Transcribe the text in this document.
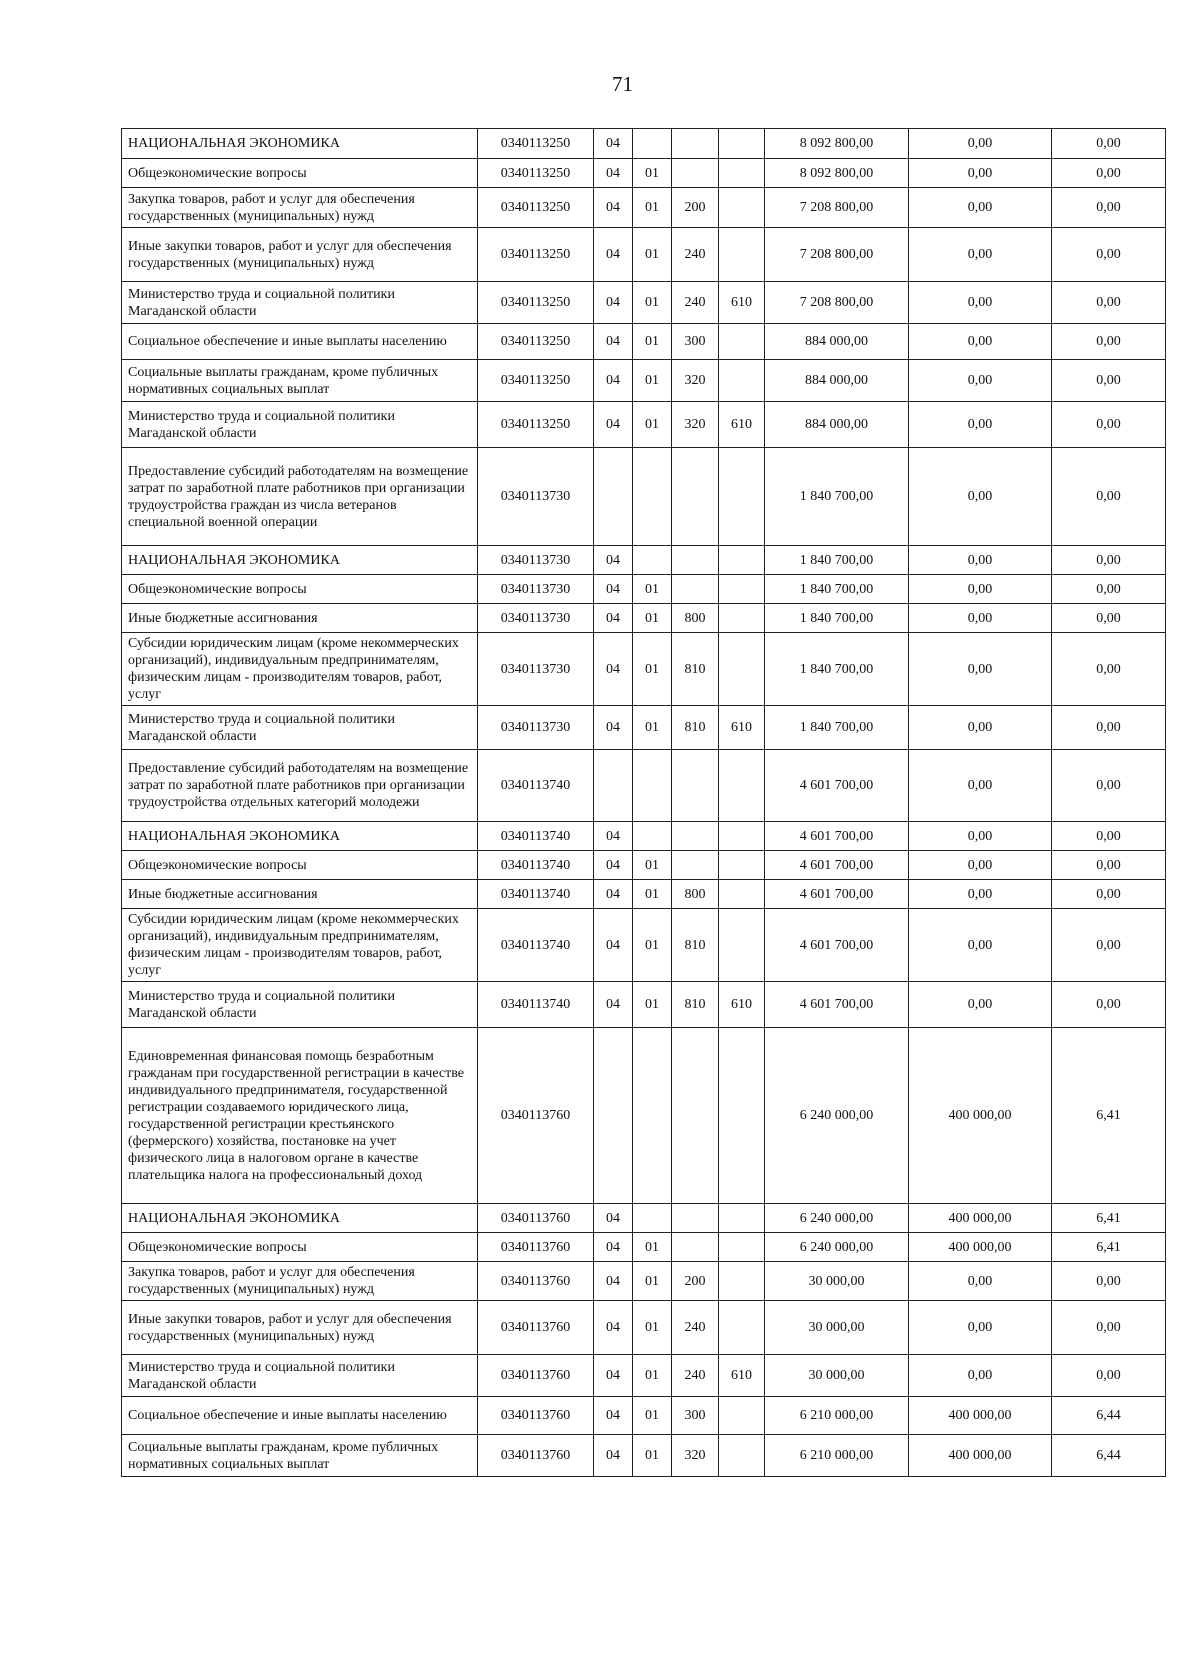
71
НАЦИОНАЛЬНАЯ ЭКОНОМИКА	0340113250	04				8 092 800,00	0,00	0,00
Общеэкономические вопросы	0340113250	04	01			8 092 800,00	0,00	0,00
Закупка товаров, работ и услуг для обеспечения государственных (муниципальных) нужд	0340113250	04	01	200		7 208 800,00	0,00	0,00
Иные закупки товаров, работ и услуг для обеспечения государственных (муниципальных) нужд	0340113250	04	01	240		7 208 800,00	0,00	0,00
Министерство труда и социальной политики Магаданской области	0340113250	04	01	240	610	7 208 800,00	0,00	0,00
Социальное обеспечение и иные выплаты населению	0340113250	04	01	300		884 000,00	0,00	0,00
Социальные выплаты гражданам, кроме публичных нормативных социальных выплат	0340113250	04	01	320		884 000,00	0,00	0,00
Министерство труда и социальной политики Магаданской области	0340113250	04	01	320	610	884 000,00	0,00	0,00
Предоставление субсидий работодателям на возмещение затрат по заработной плате работников при организации трудоустройства граждан из числа ветеранов специальной военной операции	0340113730					1 840 700,00	0,00	0,00
НАЦИОНАЛЬНАЯ ЭКОНОМИКА	0340113730	04				1 840 700,00	0,00	0,00
Общеэкономические вопросы	0340113730	04	01			1 840 700,00	0,00	0,00
Иные бюджетные ассигнования	0340113730	04	01	800		1 840 700,00	0,00	0,00
Субсидии юридическим лицам (кроме некоммерческих организаций), индивидуальным предпринимателям, физическим лицам - производителям товаров, работ, услуг	0340113730	04	01	810		1 840 700,00	0,00	0,00
Министерство труда и социальной политики Магаданской области	0340113730	04	01	810	610	1 840 700,00	0,00	0,00
Предоставление субсидий работодателям на возмещение затрат по заработной плате работников при организации трудоустройства отдельных категорий молодежи	0340113740					4 601 700,00	0,00	0,00
НАЦИОНАЛЬНАЯ ЭКОНОМИКА	0340113740	04				4 601 700,00	0,00	0,00
Общеэкономические вопросы	0340113740	04	01			4 601 700,00	0,00	0,00
Иные бюджетные ассигнования	0340113740	04	01	800		4 601 700,00	0,00	0,00
Субсидии юридическим лицам (кроме некоммерческих организаций), индивидуальным предпринимателям, физическим лицам - производителям товаров, работ, услуг	0340113740	04	01	810		4 601 700,00	0,00	0,00
Министерство труда и социальной политики Магаданской области	0340113740	04	01	810	610	4 601 700,00	0,00	0,00
Единовременная финансовая помощь безработным гражданам при государственной регистрации в качестве индивидуального предпринимателя, государственной регистрации создаваемого юридического лица, государственной регистрации крестьянского (фермерского) хозяйства, постановке на учет физического лица в налоговом органе в качестве плательщика налога на профессиональный доход	0340113760					6 240 000,00	400 000,00	6,41
НАЦИОНАЛЬНАЯ ЭКОНОМИКА	0340113760	04				6 240 000,00	400 000,00	6,41
Общеэкономические вопросы	0340113760	04	01			6 240 000,00	400 000,00	6,41
Закупка товаров, работ и услуг для обеспечения государственных (муниципальных) нужд	0340113760	04	01	200		30 000,00	0,00	0,00
Иные закупки товаров, работ и услуг для обеспечения государственных (муниципальных) нужд	0340113760	04	01	240		30 000,00	0,00	0,00
Министерство труда и социальной политики Магаданской области	0340113760	04	01	240	610	30 000,00	0,00	0,00
Социальное обеспечение и иные выплаты населению	0340113760	04	01	300		6 210 000,00	400 000,00	6,44
Социальные выплаты гражданам, кроме публичных нормативных социальных выплат	0340113760	04	01	320		6 210 000,00	400 000,00	6,44
